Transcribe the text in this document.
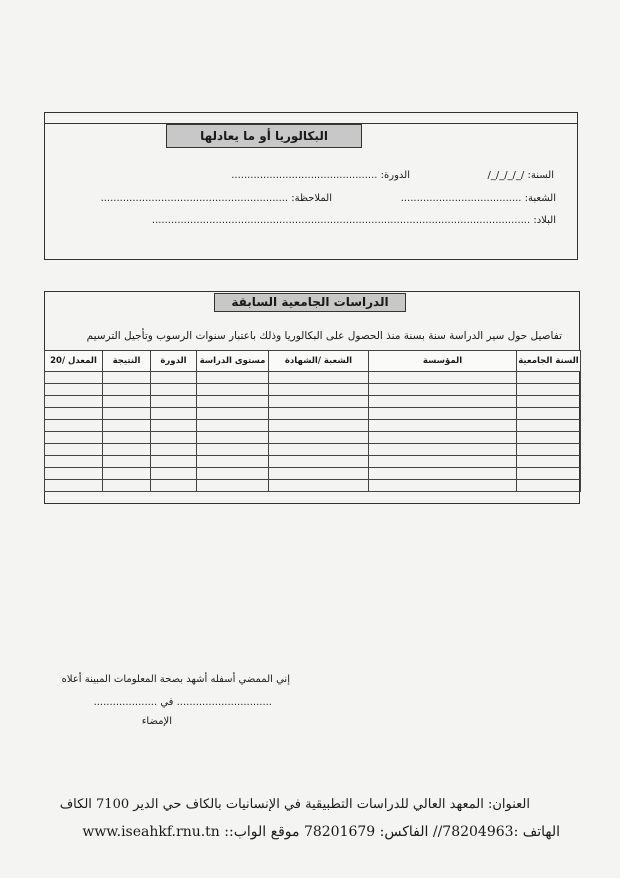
البكالوريا أو ما يعادلها
السنة: /_/_/_/_/
الدورة: ..............................................
الشعبة: ......................................
الملاحظة: ...........................................................
البلاد: .......................................................................................................................
الدراسات الجامعية السابقة
تفاصيل حول سير الدراسة سنة بسنة منذ الحصول على البكالوريا وذلك باعتبار سنوات الرسوب وتأجيل الترسيم
السنة الجامعية	المؤسسة	الشعبة /الشهادة	مستوى الدراسة	الدورة	النتيجة	المعدل /20

إني الممضي أسفله أشهد بصحة المعلومات المبينة أعلاه
.............................. في ....................
الإمضاء
العنوان: المعهد العالي للدراسات التطبيقية في الإنسانيات بالكاف حي الدير 7100 الكاف
الهاتف :78204963// الفاكس: 78201679 موقع الواب:: www.iseahkf.rnu.tn
